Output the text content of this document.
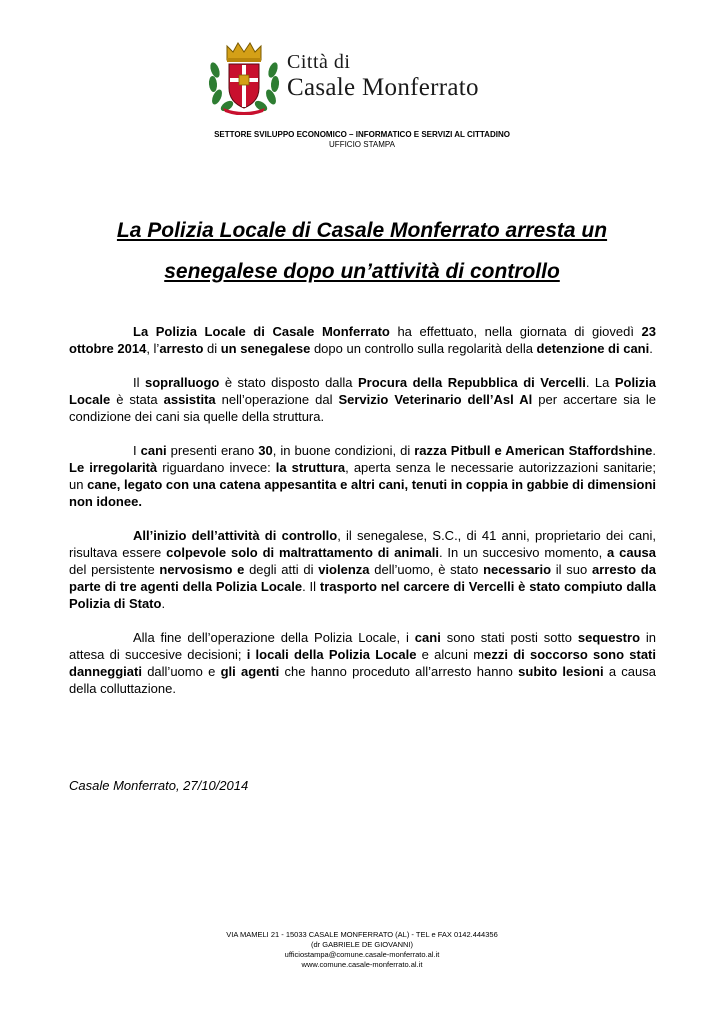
Città di
Casale Monferrato
SETTORE SVILUPPO ECONOMICO – INFORMATICO E SERVIZI AL CITTADINO
UFFICIO STAMPA
La Polizia Locale di Casale Monferrato arresta un
senegalese dopo un’attività di controllo

La Polizia Locale di Casale Monferrato ha effettuato, nella giornata di giovedì 23 ottobre 2014, l’arresto di un senegalese dopo un controllo sulla regolarità della detenzione di cani.

Il sopralluogo è stato disposto dalla Procura della Repubblica di Vercelli. La Polizia Locale è stata assistita nell’operazione dal Servizio Veterinario dell’Asl Al per accertare sia le condizione dei cani sia quelle della struttura.

I cani presenti erano 30, in buone condizioni, di razza Pitbull e American Staffordshine. Le irregolarità riguardano invece: la struttura, aperta senza le necessarie autorizzazioni sanitarie; un cane, legato con una catena appesantita e altri cani, tenuti in coppia in gabbie di dimensioni non idonee.

All’inizio dell’attività di controllo, il senegalese, S.C., di 41 anni, proprietario dei cani, risultava essere colpevole solo di maltrattamento di animali. In un succesivo momento, a causa del persistente nervosismo e degli atti di violenza dell’uomo, è stato necessario il suo arresto da parte di tre agenti della Polizia Locale. Il trasporto nel carcere di Vercelli è stato compiuto dalla Polizia di Stato.

Alla fine dell’operazione della Polizia Locale, i cani sono stati posti sotto sequestro in attesa di succesive decisioni; i locali della Polizia Locale e alcuni mezzi di soccorso sono stati danneggiati dall’uomo e gli agenti che hanno proceduto all’arresto hanno subito lesioni a causa della colluttazione.

Casale Monferrato, 27/10/2014
VIA MAMELI 21 - 15033 CASALE MONFERRATO (AL) - TEL e FAX 0142.444356
(dr GABRIELE DE GIOVANNI)
ufficiostampa@comune.casale-monferrato.al.it
www.comune.casale-monferrato.al.it
